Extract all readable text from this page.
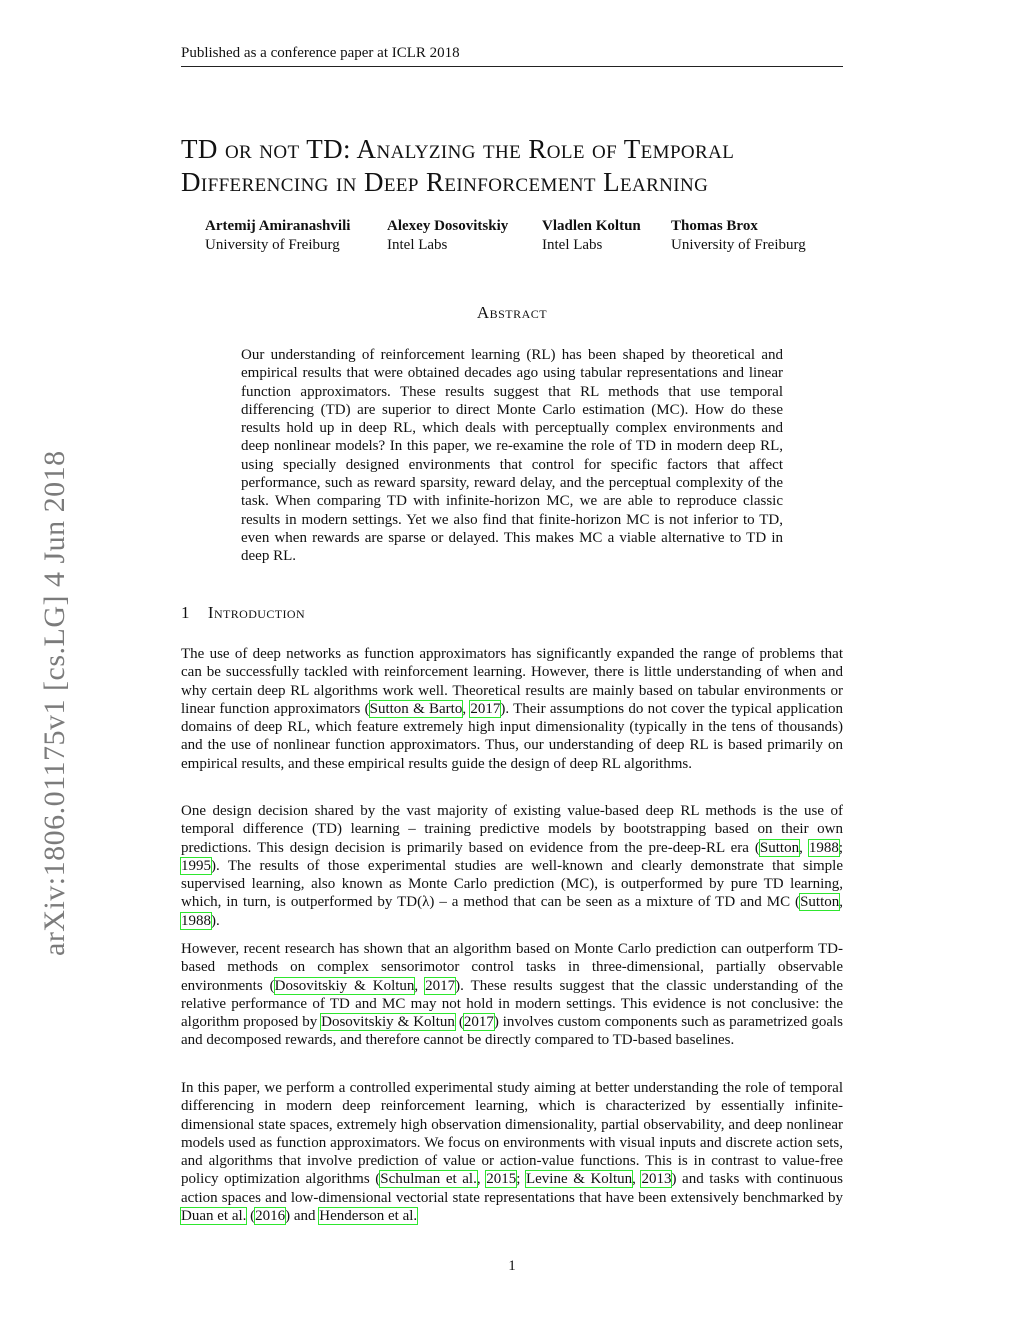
Published as a conference paper at ICLR 2018
arXiv:1806.01175v1 [cs.LG] 4 Jun 2018
TD or not TD: Analyzing the Role of Temporal
Differencing in Deep Reinforcement Learning
Artemij Amiranashvili
University of Freiburg
Alexey Dosovitskiy
Intel Labs
Vladlen Koltun
Intel Labs
Thomas Brox
University of Freiburg
Abstract
Our understanding of reinforcement learning (RL) has been shaped by theoretical and empirical results that were obtained decades ago using tabular representations and linear function approximators. These results suggest that RL methods that use temporal differencing (TD) are superior to direct Monte Carlo estimation (MC). How do these results hold up in deep RL, which deals with perceptually complex environments and deep nonlinear models? In this paper, we re-examine the role of TD in modern deep RL, using specially designed environments that control for specific factors that affect performance, such as reward sparsity, reward delay, and the perceptual complexity of the task. When comparing TD with infinite-horizon MC, we are able to reproduce classic results in modern settings. Yet we also find that finite-horizon MC is not inferior to TD, even when rewards are sparse or delayed. This makes MC a viable alternative to TD in deep RL.
1 Introduction

The use of deep networks as function approximators has significantly expanded the range of problems that can be successfully tackled with reinforcement learning. However, there is little understanding of when and why certain deep RL algorithms work well. Theoretical results are mainly based on tabular environments or linear function approximators (Sutton & Barto, 2017). Their assumptions do not cover the typical application domains of deep RL, which feature extremely high input dimensionality (typically in the tens of thousands) and the use of nonlinear function approximators. Thus, our understanding of deep RL is based primarily on empirical results, and these empirical results guide the design of deep RL algorithms.

One design decision shared by the vast majority of existing value-based deep RL methods is the use of temporal difference (TD) learning – training predictive models by bootstrapping based on their own predictions. This design decision is primarily based on evidence from the pre-deep-RL era (Sutton, 1988; 1995). The results of those experimental studies are well-known and clearly demonstrate that simple supervised learning, also known as Monte Carlo prediction (MC), is outperformed by pure TD learning, which, in turn, is outperformed by TD(λ) – a method that can be seen as a mixture of TD and MC (Sutton, 1988).

However, recent research has shown that an algorithm based on Monte Carlo prediction can outperform TD-based methods on complex sensorimotor control tasks in three-dimensional, partially observable environments (Dosovitskiy & Koltun, 2017). These results suggest that the classic understanding of the relative performance of TD and MC may not hold in modern settings. This evidence is not conclusive: the algorithm proposed by Dosovitskiy & Koltun (2017) involves custom components such as parametrized goals and decomposed rewards, and therefore cannot be directly compared to TD-based baselines.

In this paper, we perform a controlled experimental study aiming at better understanding the role of temporal differencing in modern deep reinforcement learning, which is characterized by essentially infinite-dimensional state spaces, extremely high observation dimensionality, partial observability, and deep nonlinear models used as function approximators. We focus on environments with visual inputs and discrete action sets, and algorithms that involve prediction of value or action-value functions. This is in contrast to value-free policy optimization algorithms (Schulman et al., 2015; Levine & Koltun, 2013) and tasks with continuous action spaces and low-dimensional vectorial state representations that have been extensively benchmarked by Duan et al. (2016) and Henderson et al.

1
